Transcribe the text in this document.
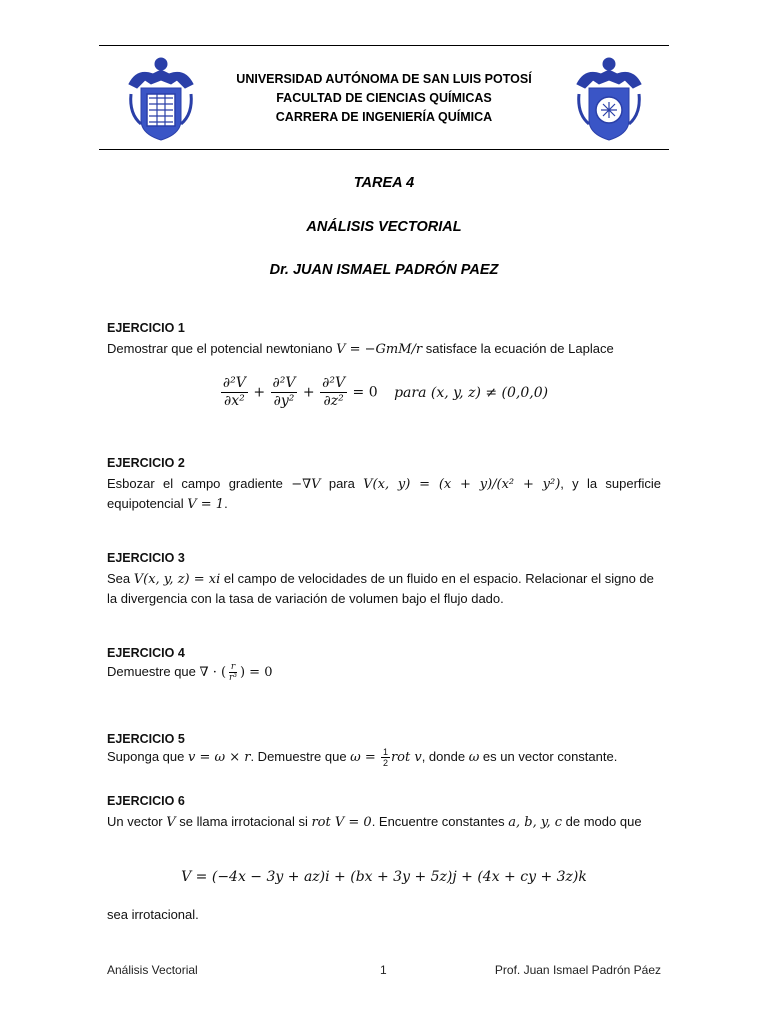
UNIVERSIDAD AUTÓNOMA DE SAN LUIS POTOSÍ
FACULTAD DE CIENCIAS QUÍMICAS
CARRERA DE INGENIERÍA QUÍMICA
TAREA 4
ANÁLISIS VECTORIAL
Dr. JUAN ISMAEL PADRÓN PAEZ
EJERCICIO 1
Demostrar que el potencial newtoniano V = −GmM/r satisface la ecuación de Laplace
$\frac{\text{∂²V}}{\text{∂x²}} + \frac{\text{∂²V}}{\text{∂y²}} + \frac{\text{∂²V}}{\text{∂z²}} = 0$ para (x, y, z) ≠ (0,0,0)
EJERCICIO 2
Esbozar el campo gradiente −∇V para V(x, y) = (x + y)/(x² + y²), y la superficie equipotencial V = 1.
EJERCICIO 3
Sea V(x, y, z) = xi el campo de velocidades de un fluido en el espacio. Relacionar el signo de la divergencia con la tasa de variación de volumen bajo el flujo dado.
EJERCICIO 4
Demuestre que ∇ · ( $\frac{r}{\text{r³}}$ ) = 0
EJERCICIO 5
Suponga que v = ω × r. Demuestre que $\omega = \frac{1}{2}$ rot v, donde ω es un vector constante.
EJERCICIO 6
Un vector V se llama irrotacional si rot V = 0. Encuentre constantes a, b, y, c de modo que
V = (−4x − 3y + az)i + (bx + 3y + 5z)j + (4x + cy + 3z)k
sea irrotacional.
Análisis Vectorial	1	Prof. Juan Ismael Padrón Páez
